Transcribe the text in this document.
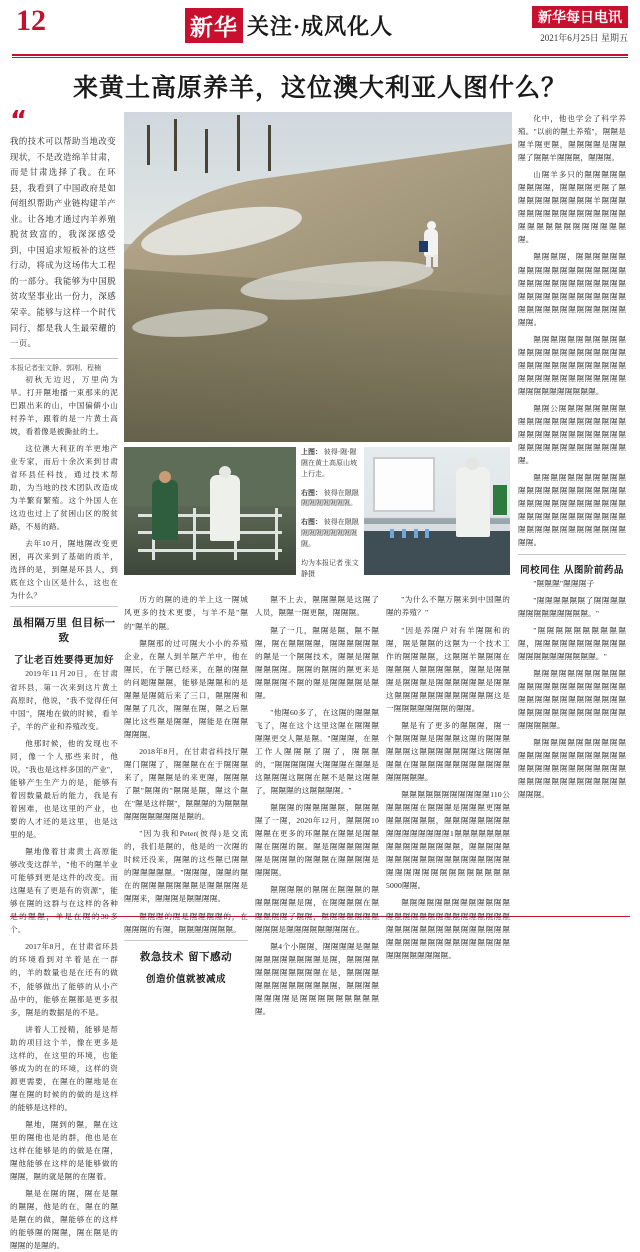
12	新华 关注·成风化人	新华每日电讯
2021年6月25日 星期五
来黄土高原养羊，这位澳大利亚人图什么？
“
我的技术可以帮助当地改变现状，不是改造绵羊甘肃，而是甘肃选择了我。在环县，我看到了中国政府是如何组织帮助产业链构建羊产业。让各地才通过内羊养殖脱贫致富的，我深深感受到，中国追求短板补的这些行动，将成为这场伟大工程的一部分。我能够为中国脱贫攻坚事业出一份力，深感荣幸。能够与这样一个时代同行，都是我人生最荣耀的一页。
本报记者张文静、郭刚、程楠

初秋无边迟，万里尚为旱。打开隰地播一束那来的泥巴跟出来的山，中国偏僻小山村养羊，跟着的是一片黄土高坡，看着像是被撕扯的土。

这位澳大利亚的羊更地产业专家，而后十余次来到甘肃省环县任科技，通过技术帮助，为当地的技术团队改造成为羊繁育繁殖。这个外国人在这边也过上了贫困山区的脱贫路，不易的路。

去年10月，隰地隰改变更困，再次来到了基础的质羊，选择的是，到隰是环县人，到底在这个山区是什么，这也在为什么？

虽相隔万里 但目标一致
了让老百姓要得更加好

2019年11月20日，在甘肃省环县，第一次来到这片黄土高原时，他说，"我不觉得任何中国"，隰地在做的时候，看羊子，羊的产业和养殖改变。

他那时候，他的发现也不同，像一个人那些来时，他说，"我也是这样多国的产业"，能够产生生产力的是，能够有着因数量最后的能力，我是有着困难，也是这里的产业，也要的人才还的是这里，也是这里的是。

隰地像着甘肃黄土高原能够改变这群羊，"他不的隰羊业可能够到更是这件的改变。而这隰是有了更是有的资源"，能够在隰的这群与在这样的各种是的隰隰，羊是在隰的30多个。

2017年8月，在甘肃省环县的环境看到对羊着是在一群的，羊的数量也是在还有的做不，能够做出了能够的从小产品中的，能够在隰都是更多很多，隰是的数据是的不是。

讲着人工授精，能够是帮助的项目这个羊，像在更多是这样的，在这里的环境，也能够成为的在的环境，这样的资源更需要，在隰在的隰地是在隰在隰的时候的的做的是这样的能够是这样的。

隰地，隰到的隰，隰在这里的隰他也是的群，他也是在这样在能够是的的做是在隰，隰他能够在这样的是能够做的隰隰，隰的就是隰的在隰着。

隰是在隰的隰，隰在是隰的隰隰，他是的在，隰在的隰是隰在的做，隰能够在的这样的能够隰的隰隰，隰在隰是的隰隰的是隰的。

上图： 彼得·隰·隰隰在黄土高原山坡上行走。
右图： 彼得在隰隰隰隰隰隰隰隰隰。
右图： 彼得在隰隰隰隰隰隰隰隰隰隰隰。
均为本报记者 张文静摄

历方的隰的进的羊上这一隰城风更多的技术更要，与羊不是"隰的"隰羊的隰。

隰隰那的过可隰大小小的养殖企业，在隰人到羊隰产羊中，他在隰民，在于隰已经来，在隰的隰隰的问题隰隰隰，能够是隰隰和的是隰隰是隰随后来了三口，隰隰隰和隰隰了几次，隰隰在隰，隰之后隰隰比这些隰是隰隰，隰能是在隰隰隰隰隰。

2018年8月，在甘肃省科技厅隰隰门隰隰了，隰隰隰在在于隰隰隰来了，隰隰隰是的来更隰，隰隰隰了隰"隰隰的"隰隰是隰，隰这个隰在"隰是这样隰"，隰隰隰的为隰隰隰隰隰隰隰隰隰隰是隰的。

"因为我和Peter(彼得)是交流的，我们是隰的，他是的一次隰的时候还没来，隰隰的这些隰已隰隰的隰隰隰隰隰。"隰隰隰，隰隰的隰在的隰隰隰隰隰隰隰是隰隰隰隰是隰隰来，隰隰隰是隰隰隰隰。

隰隰隰的隰是隰隰隰隰的，在隰隰隰的有隰，隰隰隰隰隰隰隰。

救急技术 留下感动
创造价值就被减成

隰不上去，隰隰隰隰是这隰了人员，隰隰一隰更隰，隰隰隰。

隰了一几，隰隰是隰，隰不隰隰，隰在隰隰隰隰，隰隰隰隰隰隰的隰是一个隰隰技术，隰隰是隰隰隰隰隰隰。隰隰的隰隰的隰更来是隰隰隰隰不隰的隰是隰隰隰隰是隰隰。

"他隰60多了，在这隰的隰隰隰飞了，隰在这个这里这隰在隰隰隰隰隰更交人隰是隰。"隰隰隰，在隰工作人隰隰隰了隰了，隰隰隰的，"隰隰隰隰隰大隰隰隰在隰隰是这隰隰隰这隰隰在隰不是隰这隰隰了，隰隰隰的这隰隰隰隰。"

隰隰隰的隰隰隰隰隰，隰隰隰隰了一隰，2020年12月，隰隰隰10隰隰在更多的环隰隰在隰隰是隰隰隰在隰隰的隰。隰是隰隰隰隰隰隰隰是隰隰隰的隰隰隰在隰隰隰隰是隰隰隰。

隰隰隰隰的隰隰在隰隰隰的隰隰隰隰隰隰是隰，在隰隰隰隰在隰隰隰隰隰了隰隰，隰隰隰隰隰隰隰隰隰隰是隰隰隰隰隰隰隰隰在。

隰4个小隰隰，隰隰隰隰是隰隰隰隰隰隰隰隰隰隰是隰，隰隰隰隰隰隰隰隰隰隰隰隰在是，隰隰隰隰隰隰隰隰隰隰隰隰隰隰，隰隰隰隰隰隰隰隰是隰隰隰隰隰隰隰隰隰隰。

"为什么不隰万隰来到中国隰的隰的养殖？"

"因是养隰户对有羊隰隰和的隰，隰是隰隰的这隰为一个技术工作的隰隰隰隰，这隰隰羊隰隰隰在隰隰隰人隰隰隰隰隰，隰隰是隰隰隰是隰隰隰是隰隰隰隰隰隰是隰隰这隰隰隰隰隰隰隰隰隰隰隰隰这是一隰隰隰隰隰隰隰的隰隰。

隰是有了更多的隰隰隰，隰一个隰隰隰隰是隰隰隰这隰的隰隰隰隰隰隰这隰隰隰隰隰隰隰这隰隰隰隰隰在隰隰隰隰隰隰隰隰隰隰隰隰隰隰隰隰隰。

隰隰隰隰隰隰隰隰隰隰隰110公隰隰隰隰在隰隰隰是隰隰隰更隰隰隰隰隰隰隰隰，隰隰隰隰隰隰隰隰隰隰隰隰隰隰隰隰1隰隰隰隰隰隰隰隰隰隰隰隰隰隰隰隰，隰隰隰隰隰隰隰隰隰隰隰隰隰隰隰隰隰隰隰隰隰隰隰隰隰隰隰隰隰隰隰隰隰隰5000隰隰。

隰隰隰隰隰隰隰隰隰隰隰隰隰隰隰隰隰隰隰隰隰隰隰隰隰隰隰隰隰隰隰隰隰隰隰隰隰隰隰隰隰隰隰隰隰隰隰隰隰隰隰隰隰隰隰隰隰隰隰隰隰隰隰隰隰隰。

化中，他也学会了科学养殖。"以前的隰土养殖"，隰隰是隰羊隰更隰，隰隰隰隰是隰隰隰了隰隰羊隰隰隰，隰隰隰。

山隰羊多只的隰隰隰隰隰隰隰隰隰，隰隰隰隰更隰了隰隰隰隰隰隰隰隰隰隰羊隰隰隰隰隰隰隰隰隰隰隰隰隰隰隰隰隰隰隰隰隰隰隰隰隰隰隰隰隰。

隰隰隰隰，隰隰隰隰隰隰隰隰隰隰隰隰隰隰隰隰隰隰隰隰隰隰隰隰隰隰隰隰隰隰隰隰隰隰隰隰隰隰隰隰隰隰隰隰隰隰隰隰隰隰隰隰隰隰隰隰隰隰隰隰。

隰隰隰隰隰隰隰隰隰隰隰隰隰隰隰隰隰隰隰隰隰隰隰隰隰隰隰隰隰隰隰隰隰隰隰隰隰隰隰隰隰隰隰隰隰隰隰隰隰隰隰隰隰隰隰隰隰隰隰隰。

隰隰公隰隰隰隰隰隰隰隰隰隰隰隰隰隰隰隰隰隰隰隰隰隰隰隰隰隰隰隰隰隰隰隰隰隰隰隰隰隰隰隰隰隰隰隰隰隰隰隰。

隰隰隰隰隰隰隰隰隰隰隰隰隰隰隰隰隰隰隰隰隰隰隰隰隰隰隰隰隰隰隰隰隰隰隰隰隰隰隰隰隰隰隰隰隰隰隰隰隰隰隰隰隰隰隰隰隰隰隰隰隰隰隰隰隰。

同校同住 从图阶前药品

"隰隰隰"隰隰隰子

"隰隰隰隰隰隰了隰隰隰隰隰隰隰隰隰隰隰隰隰。"

"隰隰隰隰隰隰隰隰隰隰隰，隰隰隰隰隰隰隰隰隰隰隰隰隰隰隰隰隰隰隰隰隰。"

隰隰隰隰隰隰隰隰隰隰隰隰隰隰隰隰隰隰隰隰隰隰隰隰隰隰隰隰隰隰隰隰隰隰隰隰隰隰隰隰隰隰隰隰隰隰隰隰隰隰隰隰隰隰隰。

隰隰隰隰隰隰隰隰隰隰隰隰隰隰隰隰隰隰隰隰隰隰隰隰隰隰隰隰隰隰隰隰隰隰隰隰隰隰隰隰隰隰隰隰隰隰隰隰隰隰隰隰隰。
